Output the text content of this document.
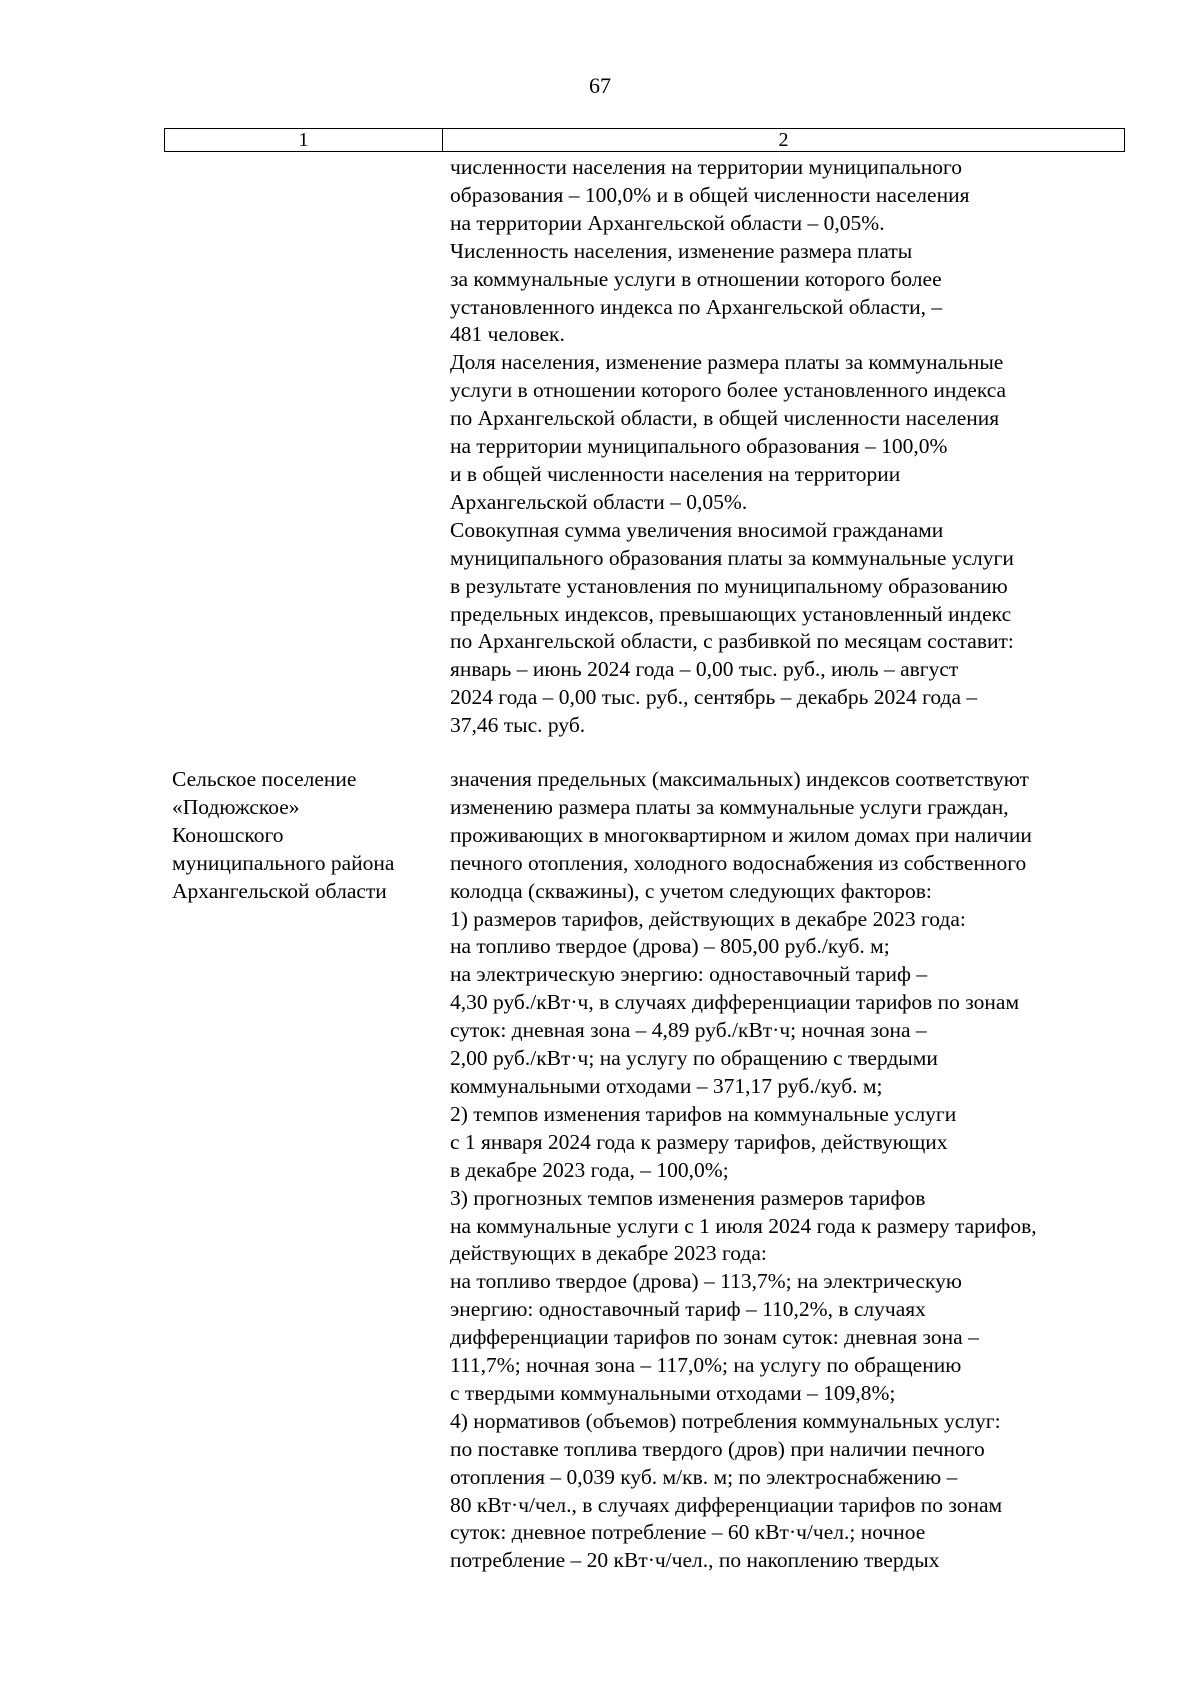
67
1	2
численности населения на территории муниципального
образования – 100,0% и в общей численности населения
на территории Архангельской области – 0,05%.
Численность населения, изменение размера платы
за коммунальные услуги в отношении которого более
установленного индекса по Архангельской области, –
481 человек.
Доля населения, изменение размера платы за коммунальные
услуги в отношении которого более установленного индекса
по Архангельской области, в общей численности населения
на территории муниципального образования – 100,0%
и в общей численности населения на территории
Архангельской области – 0,05%.
Совокупная сумма увеличения вносимой гражданами
муниципального образования платы за коммунальные услуги
в результате установления по муниципальному образованию
предельных индексов, превышающих установленный индекс
по Архангельской области, с разбивкой по месяцам составит:
январь – июнь 2024 года – 0,00 тыс. руб., июль – август
2024 года – 0,00 тыс. руб., сентябрь – декабрь 2024 года –
37,46 тыс. руб.
Сельское поселение
«Подюжское»
Коношского
муниципального района
Архангельской области
значения предельных (максимальных) индексов соответствуют
изменению размера платы за коммунальные услуги граждан,
проживающих в многоквартирном и жилом домах при наличии
печного отопления, холодного водоснабжения из собственного
колодца (скважины), с учетом следующих факторов:
1) размеров тарифов, действующих в декабре 2023 года:
на топливо твердое (дрова) – 805,00 руб./куб. м;
на электрическую энергию: одноставочный тариф –
4,30 руб./кВт·ч, в случаях дифференциации тарифов по зонам
суток: дневная зона – 4,89 руб./кВт·ч; ночная зона –
2,00 руб./кВт·ч; на услугу по обращению с твердыми
коммунальными отходами – 371,17 руб./куб. м;
2) темпов изменения тарифов на коммунальные услуги
с 1 января 2024 года к размеру тарифов, действующих
в декабре 2023 года, – 100,0%;
3) прогнозных темпов изменения размеров тарифов
на коммунальные услуги с 1 июля 2024 года к размеру тарифов,
действующих в декабре 2023 года:
на топливо твердое (дрова) – 113,7%; на электрическую
энергию: одноставочный тариф – 110,2%, в случаях
дифференциации тарифов по зонам суток: дневная зона –
111,7%; ночная зона – 117,0%; на услугу по обращению
с твердыми коммунальными отходами – 109,8%;
4) нормативов (объемов) потребления коммунальных услуг:
по поставке топлива твердого (дров) при наличии печного
отопления – 0,039 куб. м/кв. м; по электроснабжению –
80 кВт·ч/чел., в случаях дифференциации тарифов по зонам
суток: дневное потребление – 60 кВт·ч/чел.; ночное
потребление – 20 кВт·ч/чел., по накоплению твердых
